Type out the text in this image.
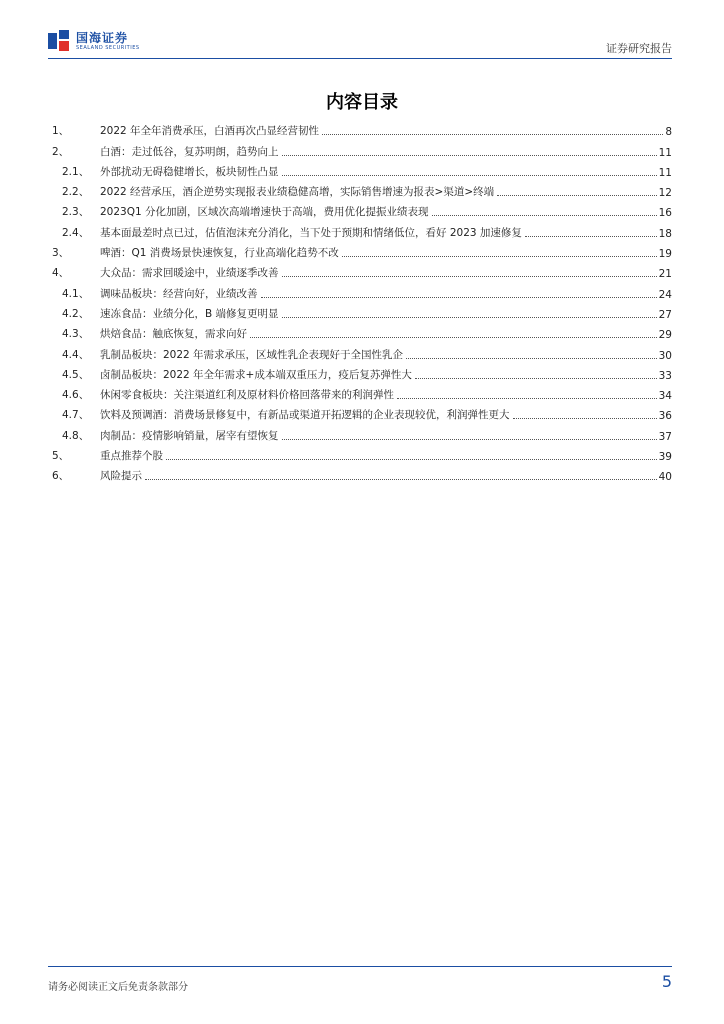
国海证券
SEALAND SECURITIES	证券研究报告
内容目录
1、	2022 年全年消费承压，白酒再次凸显经营韧性	8
2、	白酒：走过低谷，复苏明朗，趋势向上	11
2.1、	外部扰动无碍稳健增长，板块韧性凸显	11
2.2、	2022 经营承压，酒企逆势实现报表业绩稳健高增，实际销售增速为报表>渠道>终端	12
2.3、	2023Q1 分化加剧，区域次高端增速快于高端，费用优化提振业绩表现	16
2.4、	基本面最差时点已过，估值泡沫充分消化，当下处于预期和情绪低位，看好 2023 加速修复	18
3、	啤酒：Q1 消费场景快速恢复，行业高端化趋势不改	19
4、	大众品：需求回暖途中，业绩逐季改善	21
4.1、	调味品板块：经营向好，业绩改善	24
4.2、	速冻食品：业绩分化，B 端修复更明显	27
4.3、	烘焙食品：触底恢复，需求向好	29
4.4、	乳制品板块：2022 年需求承压，区域性乳企表现好于全国性乳企	30
4.5、	卤制品板块：2022 年全年需求+成本端双重压力，疫后复苏弹性大	33
4.6、	休闲零食板块：关注渠道红利及原材料价格回落带来的利润弹性	34
4.7、	饮料及预调酒：消费场景修复中，有新品或渠道开拓逻辑的企业表现较优，利润弹性更大	36
4.8、	肉制品：疫情影响销量，屠宰有望恢复	37
5、	重点推荐个股	39
6、	风险提示	40
请务必阅读正文后免责条款部分	5
